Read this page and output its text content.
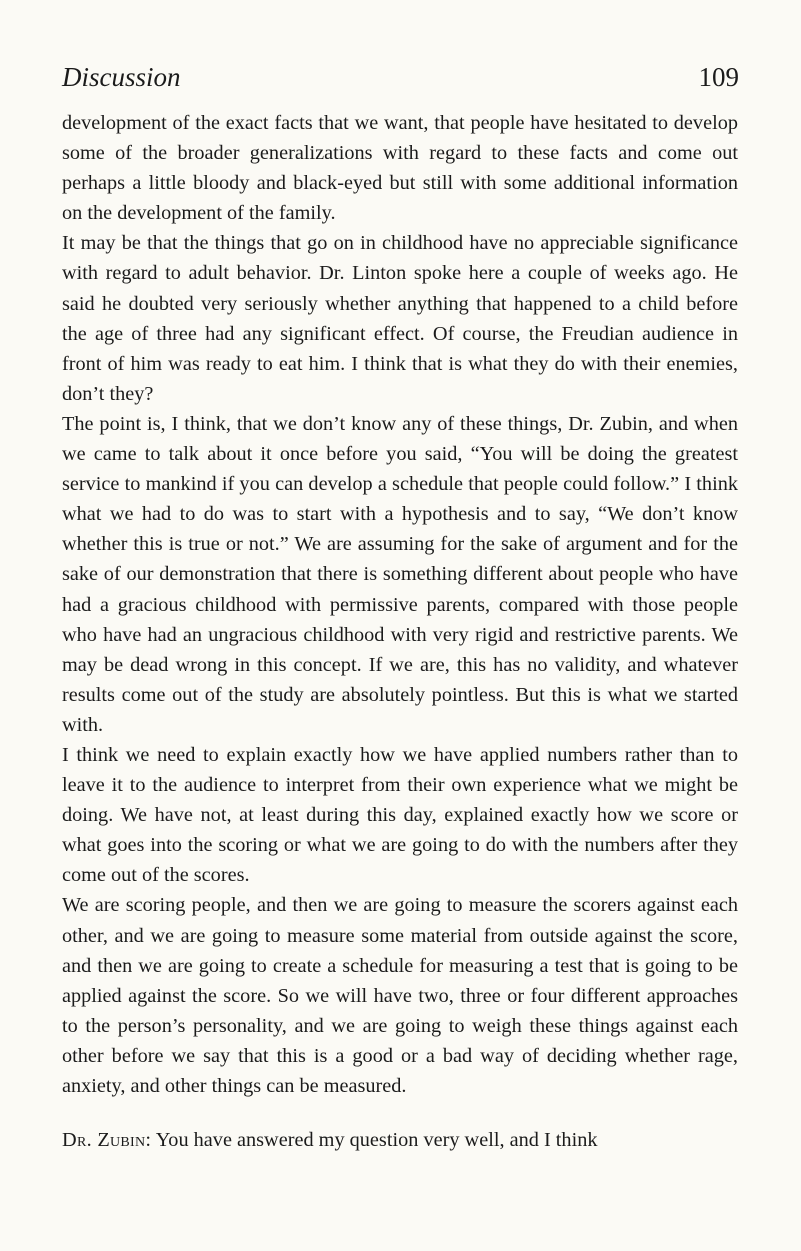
Discussion	109

development of the exact facts that we want, that people have hesitated to develop some of the broader generalizations with regard to these facts and come out perhaps a little bloody and black-eyed but still with some additional information on the development of the family.

It may be that the things that go on in childhood have no appreciable significance with regard to adult behavior. Dr. Linton spoke here a couple of weeks ago. He said he doubted very seriously whether anything that happened to a child before the age of three had any significant effect. Of course, the Freudian audience in front of him was ready to eat him. I think that is what they do with their enemies, don’t they?

The point is, I think, that we don’t know any of these things, Dr. Zubin, and when we came to talk about it once before you said, “You will be doing the greatest service to mankind if you can develop a schedule that people could follow.” I think what we had to do was to start with a hypothesis and to say, “We don’t know whether this is true or not.” We are assuming for the sake of argument and for the sake of our demonstration that there is something different about people who have had a gracious childhood with permissive parents, compared with those people who have had an ungracious childhood with very rigid and restrictive parents. We may be dead wrong in this concept. If we are, this has no validity, and whatever results come out of the study are absolutely pointless. But this is what we started with.

I think we need to explain exactly how we have applied numbers rather than to leave it to the audience to interpret from their own experience what we might be doing. We have not, at least during this day, explained exactly how we score or what goes into the scoring or what we are going to do with the numbers after they come out of the scores.

We are scoring people, and then we are going to measure the scorers against each other, and we are going to measure some material from outside against the score, and then we are going to create a schedule for measuring a test that is going to be applied against the score. So we will have two, three or four different approaches to the person’s personality, and we are going to weigh these things against each other before we say that this is a good or a bad way of deciding whether rage, anxiety, and other things can be measured.

Dr. Zubin: You have answered my question very well, and I think
